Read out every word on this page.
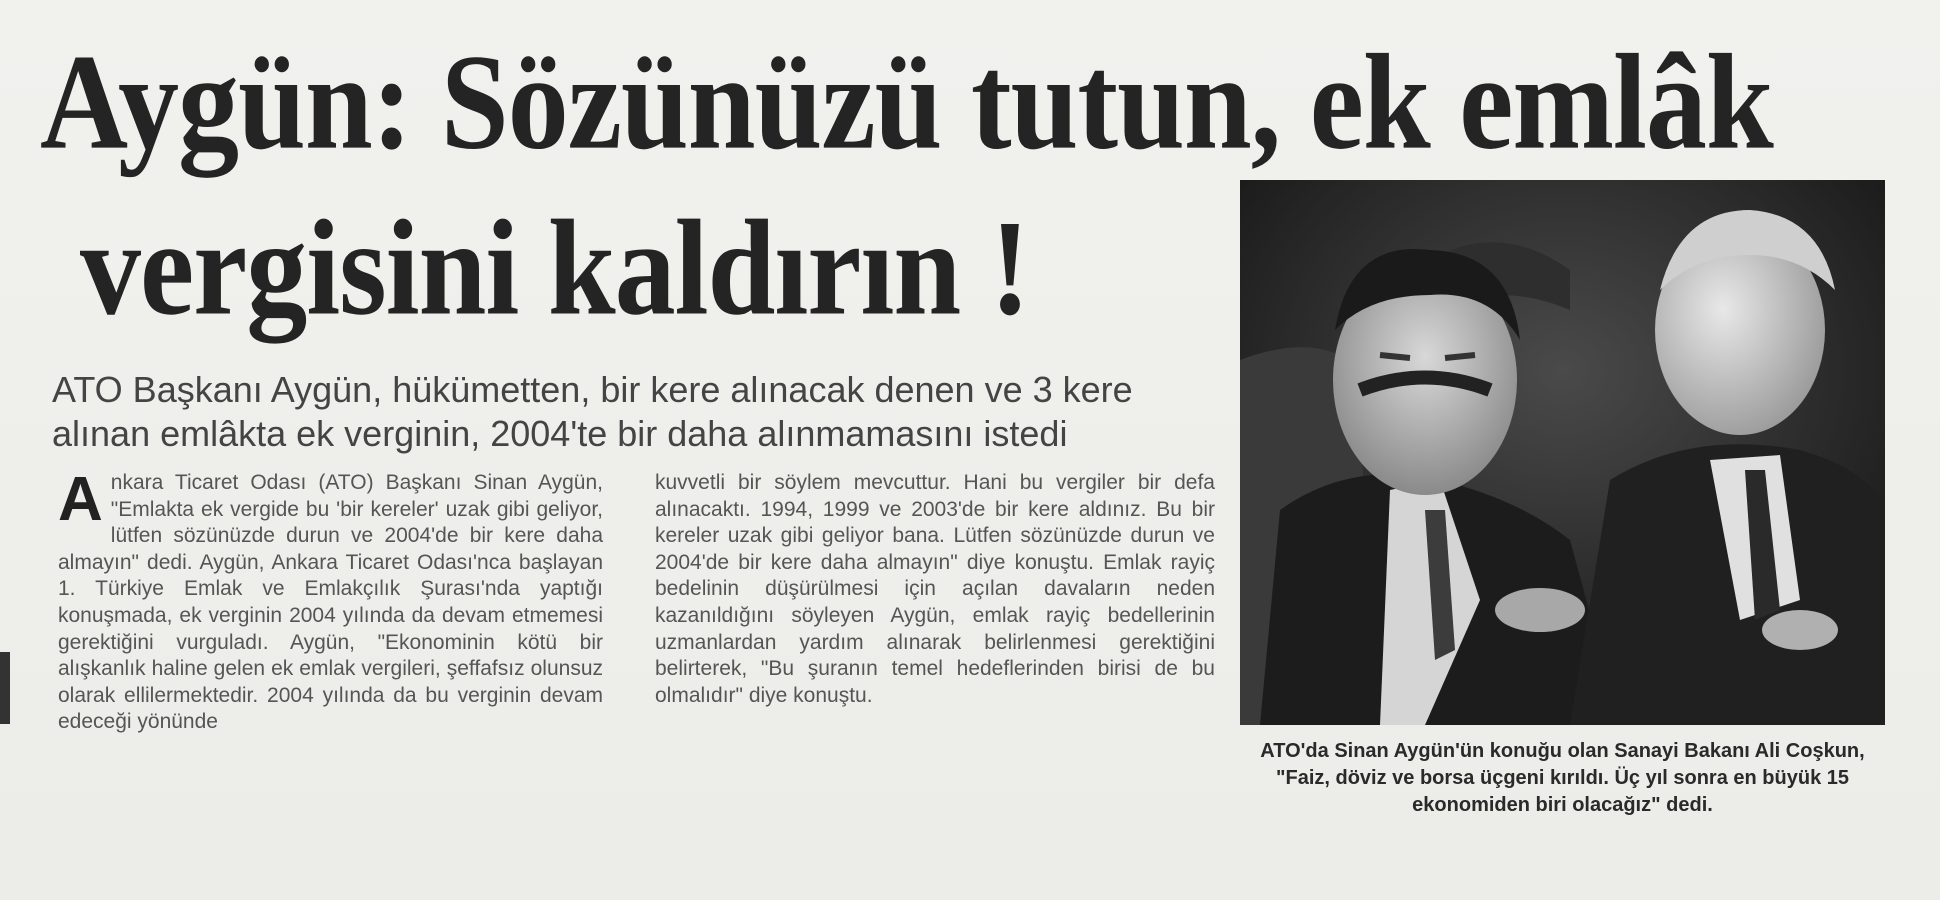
Aygün: Sözünüzü tutun, ek emlâk
vergisini kaldırın !

ATO Başkanı Aygün, hükümetten, bir kere alınacak denen ve 3 kere alınan emlâkta ek verginin, 2004'te bir daha alınmamasını istedi

A nkara Ticaret Odası (ATO) Başkanı Sinan Aygün, "Emlakta ek vergide bu 'bir kereler' uzak gibi geliyor, lütfen sözünüzde durun ve 2004'de bir kere daha almayın" dedi. Aygün, Ankara Ticaret Odası'nca başlayan 1. Türkiye Emlak ve Emlakçılık Şurası'nda yaptığı konuşmada, ek verginin 2004 yılında da devam etmemesi gerektiğini vurguladı. Aygün, "Ekonominin kötü bir alışkanlık haline gelen ek emlak vergileri, şeffafsız olunsuz olarak ellilermektedir. 2004 yılında da bu verginin devam edeceği yönünde
kuvvetli bir söylem mevcuttur. Hani bu vergiler bir defa alınacaktı. 1994, 1999 ve 2003'de bir kere aldınız. Bu bir kereler uzak gibi geliyor bana. Lütfen sözünüzde durun ve 2004'de bir kere daha almayın" diye konuştu. Emlak rayiç bedelinin düşürülmesi için açılan davaların neden kazanıldığını söyleyen Aygün, emlak rayiç bedellerinin uzmanlardan yardım alınarak belirlenmesi gerektiğini belirterek, "Bu şuranın temel hedeflerinden birisi de bu olmalıdır" diye konuştu.

ATO'da Sinan Aygün'ün konuğu olan Sanayi Bakanı Ali Coşkun, "Faiz, döviz ve borsa üçgeni kırıldı. Üç yıl sonra en büyük 15 ekonomiden biri olacağız" dedi.
